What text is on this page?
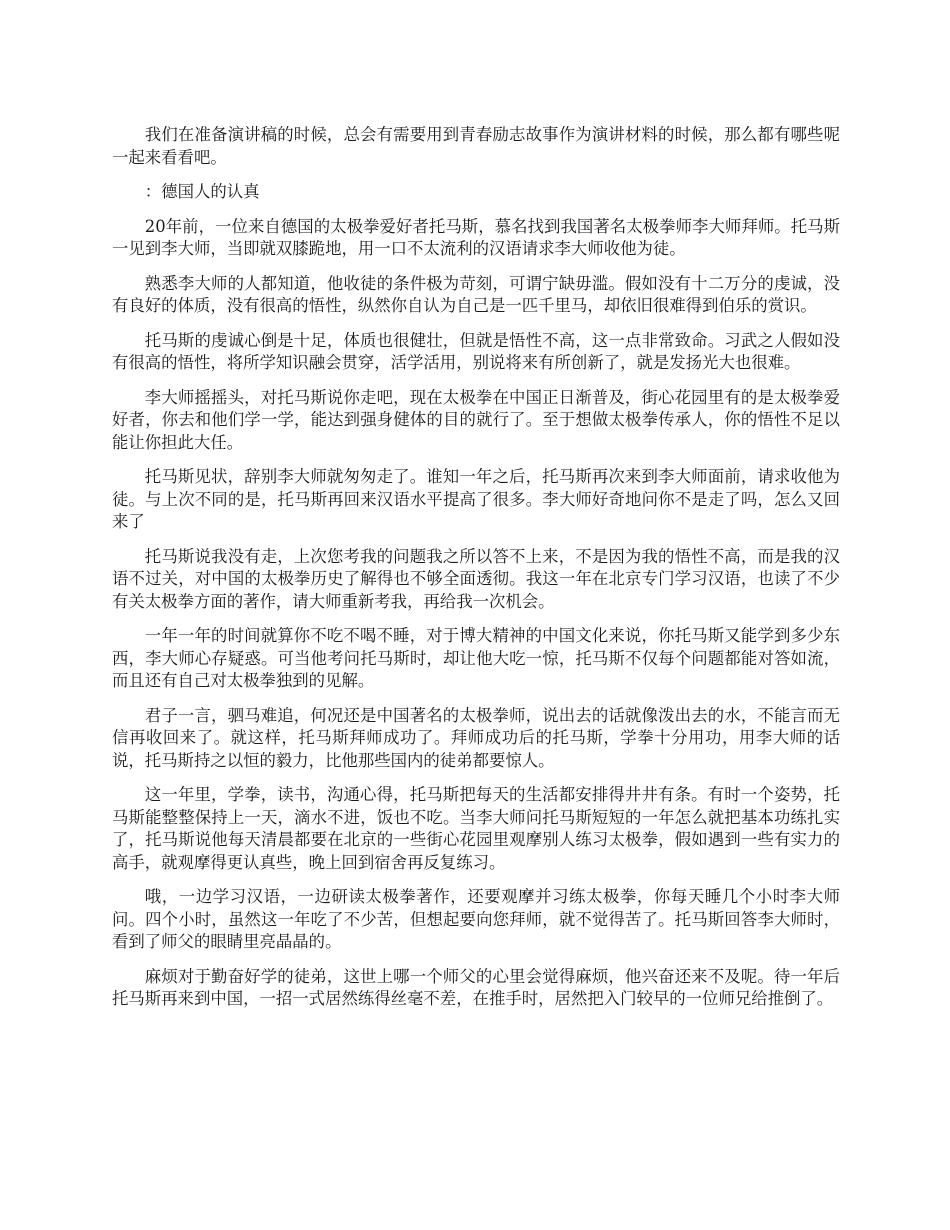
我们在准备演讲稿的时候，总会有需要用到青春励志故事作为演讲材料的时候，那么都有哪些呢一起来看看吧。

：德国人的认真

20年前，一位来自德国的太极拳爱好者托马斯，慕名找到我国著名太极拳师李大师拜师。托马斯一见到李大师，当即就双膝跪地，用一口不太流利的汉语请求李大师收他为徒。

熟悉李大师的人都知道，他收徒的条件极为苛刻，可谓宁缺毋滥。假如没有十二万分的虔诚，没有良好的体质，没有很高的悟性，纵然你自认为自己是一匹千里马，却依旧很难得到伯乐的赏识。

托马斯的虔诚心倒是十足，体质也很健壮，但就是悟性不高，这一点非常致命。习武之人假如没有很高的悟性，将所学知识融会贯穿，活学活用，别说将来有所创新了，就是发扬光大也很难。

李大师摇摇头，对托马斯说你走吧，现在太极拳在中国正日渐普及，街心花园里有的是太极拳爱好者，你去和他们学一学，能达到强身健体的目的就行了。至于想做太极拳传承人，你的悟性不足以能让你担此大任。

托马斯见状，辞别李大师就匆匆走了。谁知一年之后，托马斯再次来到李大师面前，请求收他为徒。与上次不同的是，托马斯再回来汉语水平提高了很多。李大师好奇地问你不是走了吗，怎么又回来了

托马斯说我没有走，上次您考我的问题我之所以答不上来，不是因为我的悟性不高，而是我的汉语不过关，对中国的太极拳历史了解得也不够全面透彻。我这一年在北京专门学习汉语，也读了不少有关太极拳方面的著作，请大师重新考我，再给我一次机会。

一年一年的时间就算你不吃不喝不睡，对于博大精神的中国文化来说，你托马斯又能学到多少东西，李大师心存疑惑。可当他考问托马斯时，却让他大吃一惊，托马斯不仅每个问题都能对答如流，而且还有自己对太极拳独到的见解。

君子一言，驷马难追，何况还是中国著名的太极拳师，说出去的话就像泼出去的水，不能言而无信再收回来了。就这样，托马斯拜师成功了。拜师成功后的托马斯，学拳十分用功，用李大师的话说，托马斯持之以恒的毅力，比他那些国内的徒弟都要惊人。

这一年里，学拳，读书，沟通心得，托马斯把每天的生活都安排得井井有条。有时一个姿势，托马斯能整整保持上一天，滴水不进，饭也不吃。当李大师问托马斯短短的一年怎么就把基本功练扎实了，托马斯说他每天清晨都要在北京的一些街心花园里观摩别人练习太极拳，假如遇到一些有实力的高手，就观摩得更认真些，晚上回到宿舍再反复练习。

哦，一边学习汉语，一边研读太极拳著作，还要观摩并习练太极拳，你每天睡几个小时李大师问。四个小时，虽然这一年吃了不少苦，但想起要向您拜师，就不觉得苦了。托马斯回答李大师时，看到了师父的眼睛里亮晶晶的。

麻烦对于勤奋好学的徒弟，这世上哪一个师父的心里会觉得麻烦，他兴奋还来不及呢。待一年后托马斯再来到中国，一招一式居然练得丝毫不差，在推手时，居然把入门较早的一位师兄给推倒了。
